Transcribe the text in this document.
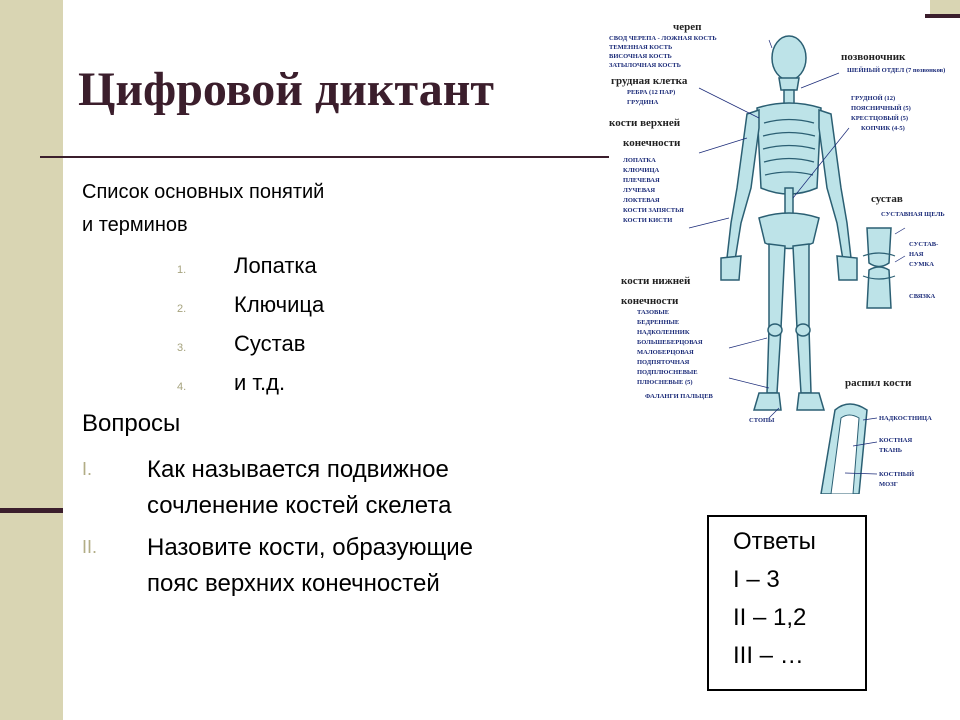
Цифровой диктант
Список основных понятий
и терминов
1. Лопатка
2. Ключица
3. Сустав
4. и т.д.
Вопросы
I. Как называется подвижное
сочленение костей скелета
II. Назовите кости, образующие
пояс верхних конечностей
Ответы
I – 3
II – 1,2
III – …
череп
СВОД ЧЕРЕПА - ЛОЖНАЯ КОСТЬ
ТЕМЕННАЯ КОСТЬ
ВИСОЧНАЯ КОСТЬ
ЗАТЫЛОЧНАЯ КОСТЬ
грудная клетка
РЕБРА (12 ПАР)
ГРУДИНА
кости верхней
конечности
ЛОПАТКА
КЛЮЧИЦА
ПЛЕЧЕВАЯ
ЛУЧЕВАЯ
ЛОКТЕВАЯ
КОСТИ ЗАПЯСТЬЯ
КОСТИ КИСТИ
позвоночник
ШЕЙНЫЙ ОТДЕЛ (7 позвонков)
ГРУДНОЙ (12)
ПОЯСНИЧНЫЙ (5)
КРЕСТЦОВЫЙ (5)
КОПЧИК (4-5)
сустав
СУСТАВНАЯ ЩЕЛЬ
СУСТАВ-
НАЯ
СУМКА
СВЯЗКА
кости нижней
конечности
ТАЗОВЫЕ
БЕДРЕННЫЕ
НАДКОЛЕННИК
БОЛЬШЕБЕРЦОВАЯ
МАЛОБЕРЦОВАЯ
ПОДПЯТОЧНАЯ
ПОДПЛЮСНЕВЫЕ
ПЛЮСНЕВЫЕ (5)
ФАЛАНГИ ПАЛЬЦЕВ
СТОПЫ
распил кости
НАДКОСТНИЦА
КОСТНАЯ
ТКАНЬ
КОСТНЫЙ
МОЗГ
